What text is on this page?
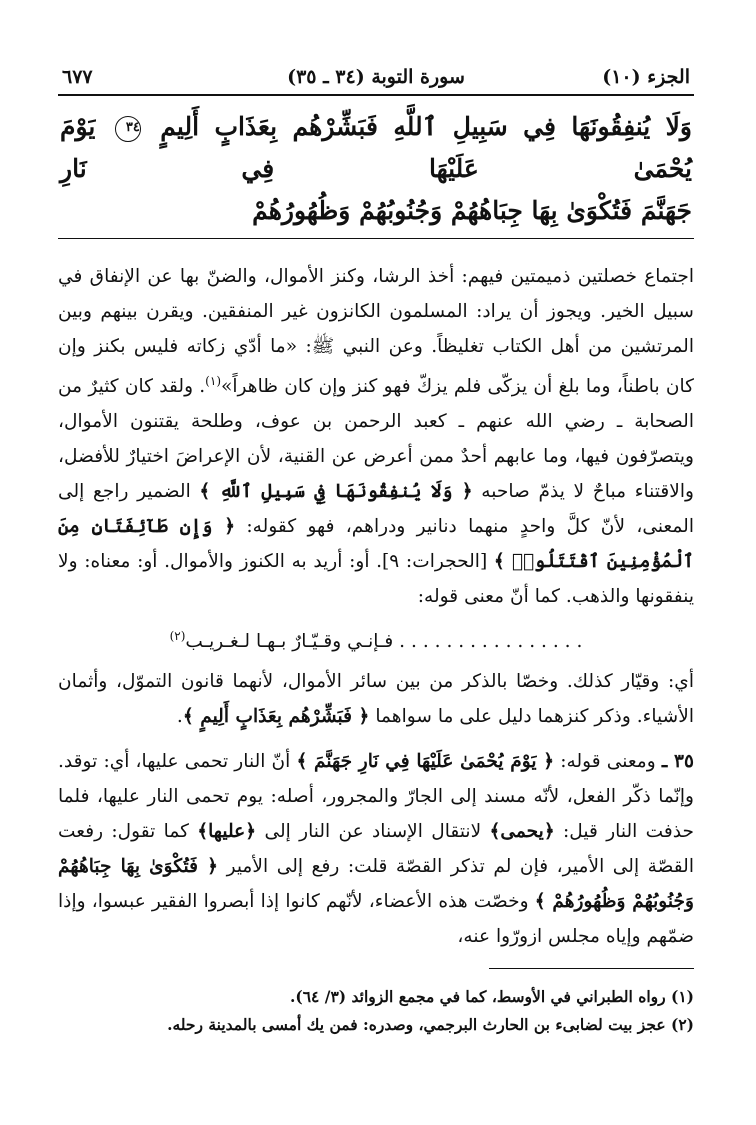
الجزء (١٠)
سورة التوبة (٣٤ ـ ٣٥)
٦٧٧
وَلَا يُنفِقُونَهَا فِي سَبِيلِ ٱللَّهِ فَبَشِّرْهُم بِعَذَابٍ أَلِيمٍ ٣٤ يَوْمَ يُحْمَىٰ عَلَيْهَا فِي نَارِ
جَهَنَّمَ فَتُكْوَىٰ بِهَا جِبَاهُهُمْ وَجُنُوبُهُمْ وَظُهُورُهُمْ

اجتماع خصلتين ذميمتين فيهم: أخذ الرشا، وكنز الأموال، والضنّ بها عن الإنفاق في سبيل الخير. ويجوز أن يراد: المسلمون الكانزون غير المنفقين. ويقرن بينهم وبين المرتشين من أهل الكتاب تغليظاً. وعن النبي ﷺ: «ما أدّي زكاته فليس بكنز وإن كان باطناً، وما بلغ أن يزكّى فلم يزكّ فهو كنز وإن كان ظاهراً»$^{(١)}$. ولقد كان كثيرٌ من الصحابة ـ رضي الله عنهم ـ كعبد الرحمن بن عوف، وطلحة يقتنون الأموال، ويتصرّفون فيها، وما عابهم أحدٌ ممن أعرض عن القنية، لأن الإعراضَ اختيارٌ للأفضل، والاقتناء مباحٌ لا يذمّ صاحبه ﴿ وَلَا يُنفِقُونَهَا فِي سَبِيلِ ٱللَّهِ ﴾ الضمير راجع إلى المعنى، لأنّ كلَّ واحدٍ منهما دنانير ودراهم، فهو كقوله: ﴿ وَإِن طَآئِفَتَانِ مِنَ ٱلْمُؤْمِنِينَ ٱقْتَتَلُوا۟ ﴾ [الحجرات: ٩]. أو: أريد به الكنوز والأموال. أو: معناه: ولا ينفقونها والذهب. كما أنّ معنى قوله:

. . . . . . . . . . . . . . . . فـإنـي وقـيّـارٌ بـهـا لـغـريـب$^{(٢)}$

أي: وقيّار كذلك. وخصّا بالذكر من بين سائر الأموال، لأنهما قانون التموّل، وأثمان الأشياء. وذكر كنزهما دليل على ما سواهما ﴿ فَبَشِّرْهُم بِعَذَابٍ أَلِيمٍ ﴾.

٣٥ ـ ومعنى قوله: ﴿ يَوْمَ يُحْمَىٰ عَلَيْهَا فِي نَارِ جَهَنَّمَ ﴾ أنّ النار تحمى عليها، أي: توقد. وإنّما ذكّر الفعل، لأنّه مسند إلى الجارّ والمجرور، أصله: يوم تحمى النار عليها، فلما حذفت النار قيل: ﴿يحمى﴾ لانتقال الإسناد عن النار إلى ﴿عليها﴾ كما تقول: رفعت القصّة إلى الأمير، فإن لم تذكر القصّة قلت: رفع إلى الأمير ﴿ فَتُكْوَىٰ بِهَا جِبَاهُهُمْ وَجُنُوبُهُمْ وَظُهُورُهُمْ ﴾ وخصّت هذه الأعضاء، لأنّهم كانوا إذا أبصروا الفقير عبسوا، وإذا ضمّهم وإياه مجلس ازورّوا عنه،

(١) رواه الطبراني في الأوسط، كما في مجمع الزوائد (٣/ ٦٤).
(٢) عجز بيت لضابىء بن الحارث البرجمي، وصدره: فمن يك أمسى بالمدينة رحله.
